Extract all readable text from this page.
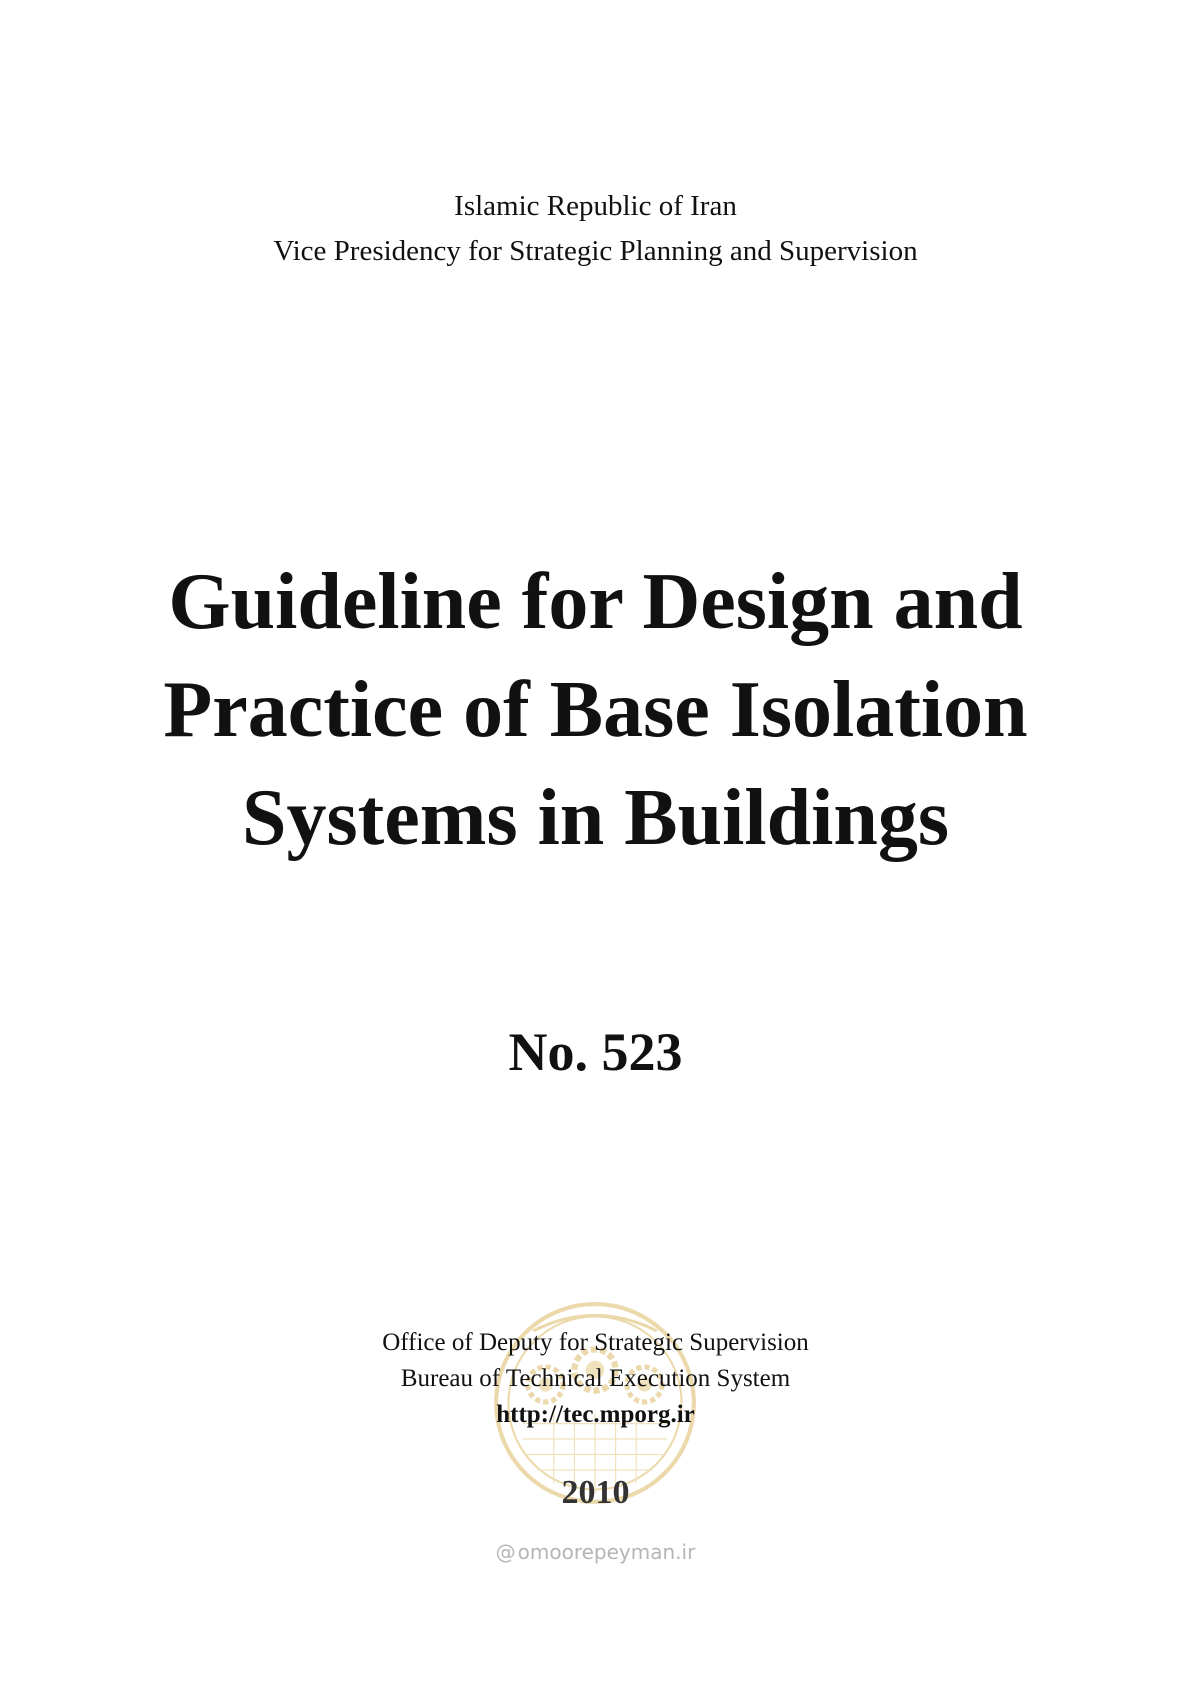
Islamic Republic of Iran
Vice Presidency for Strategic Planning and Supervision
Guideline for Design and
Practice of Base Isolation
Systems in Buildings
No. 523
Office of Deputy for Strategic Supervision
Bureau of Technical Execution System
http://tec.mporg.ir
2010
@ omoorepeyman.ir
